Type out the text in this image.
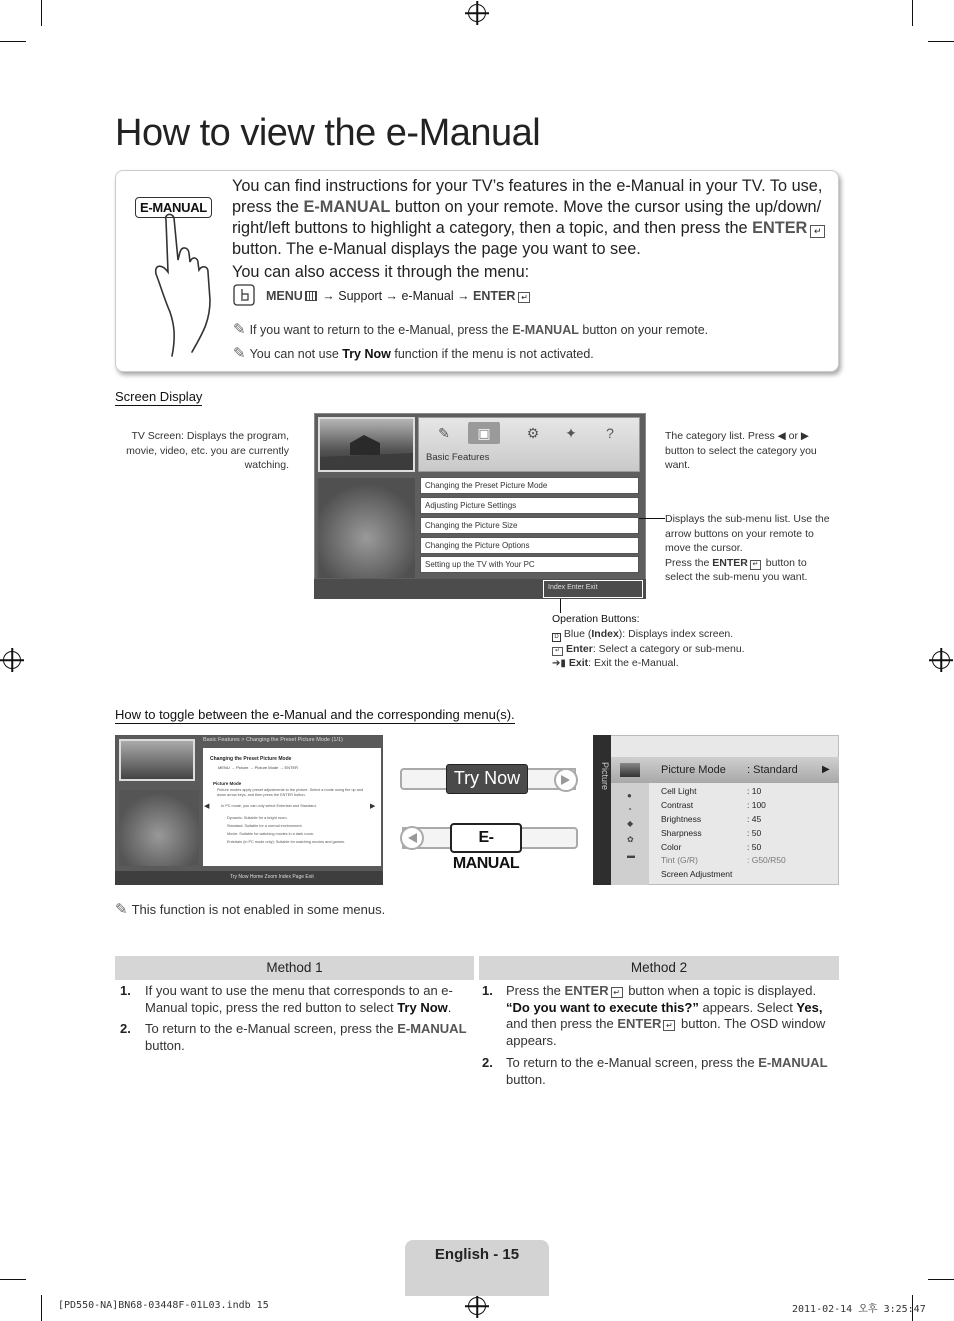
How to view the e-Manual
E-MANUAL
You can find instructions for your TV’s features in the e-Manual in your TV. To use, press the E-MANUAL button on your remote. Move the cursor using the up/down/ right/left buttons to highlight a category, then a topic, and then press the ENTER ↵ button. The e-Manual displays the page you want to see.
You can also access it through the menu:
MENU → Support → e-Manual → ENTER ↵
✎ If you want to return to the e-Manual, press the E-MANUAL button on your remote.
✎ You can not use Try Now function if the menu is not activated.
Screen Display
✎	▣	⚙	✦	?
Basic Features
Changing the Preset Picture Mode
Adjusting Picture Settings
Changing the Picture Size
Changing the Picture Options
Setting up the TV with Your PC
Index Enter Exit
TV Screen: Displays the program, movie, video, etc. you are currently watching.
The category list. Press ◀ or ▶ button to select the category you want.
Displays the sub-menu list. Use the arrow buttons on your remote to move the cursor.
Press the ENTER ↵ button to select the sub-menu you want.
Operation Buttons:
D Blue (Index): Displays index screen.
↵ Enter: Select a category or sub-menu.
➔▮ Exit: Exit the e-Manual.
How to toggle between the e-Manual and the corresponding menu(s).
Basic Features > Changing the Preset Picture Mode (1/1)
Changing the Preset Picture Mode
MENU → Picture → Picture Mode → ENTER
Picture Mode
Picture modes apply preset adjustments to the picture. Select a mode using the up and down arrow keys, and then press the ENTER button.
In PC mode, you can only select Entertain and Standard.
Dynamic: Suitable for a bright room.
Standard: Suitable for a normal environment.
Movie: Suitable for watching movies in a dark room.
Entertain (in PC mode only): Suitable for watching movies and games.
◀	▶
Try Now Home Zoom Index Page Exit
Try Now
E-MANUAL
Picture
●
◔
◆
✿
▬
▶
Picture Mode : Standard
Cell Light	: 10
Contrast	: 100
Brightness	: 45
Sharpness	: 50
Color	: 50
Tint (G/R)	: G50/R50
Screen Adjustment
✎ This function is not enabled in some menus.
Method 1	Method 2
1. If you want to use the menu that corresponds to an e-Manual topic, press the red button to select Try Now.
2. To return to the e-Manual screen, press the E-MANUAL button.
1. Press the ENTER ↵ button when a topic is displayed. “Do you want to execute this?” appears. Select Yes, and then press the ENTER ↵ button. The OSD window appears.
2. To return to the e-Manual screen, press the E-MANUAL button.
English - 15
[PD550-NA]BN68-03448F-01L03.indb 15	2011-02-14 오후 3:25:47
